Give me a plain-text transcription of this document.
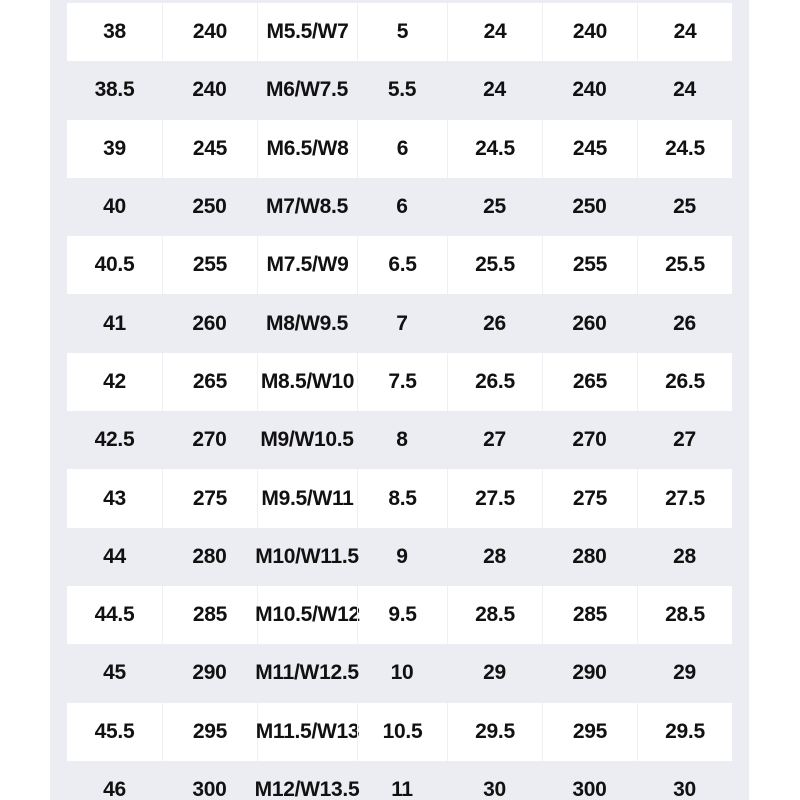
38	240	M5.5/W7	5	24	240	24
38.5	240	M6/W7.5	5.5	24	240	24
39	245	M6.5/W8	6	24.5	245	24.5
40	250	M7/W8.5	6	25	250	25
40.5	255	M7.5/W9	6.5	25.5	255	25.5
41	260	M8/W9.5	7	26	260	26
42	265	M8.5/W10	7.5	26.5	265	26.5
42.5	270	M9/W10.5	8	27	270	27
43	275	M9.5/W11	8.5	27.5	275	27.5
44	280	M10/W11.5	9	28	280	28
44.5	285	M10.5/W12	9.5	28.5	285	28.5
45	290	M11/W12.5	10	29	290	29
45.5	295	M11.5/W13	10.5	29.5	295	29.5
46	300	M12/W13.5	11	30	300	30
